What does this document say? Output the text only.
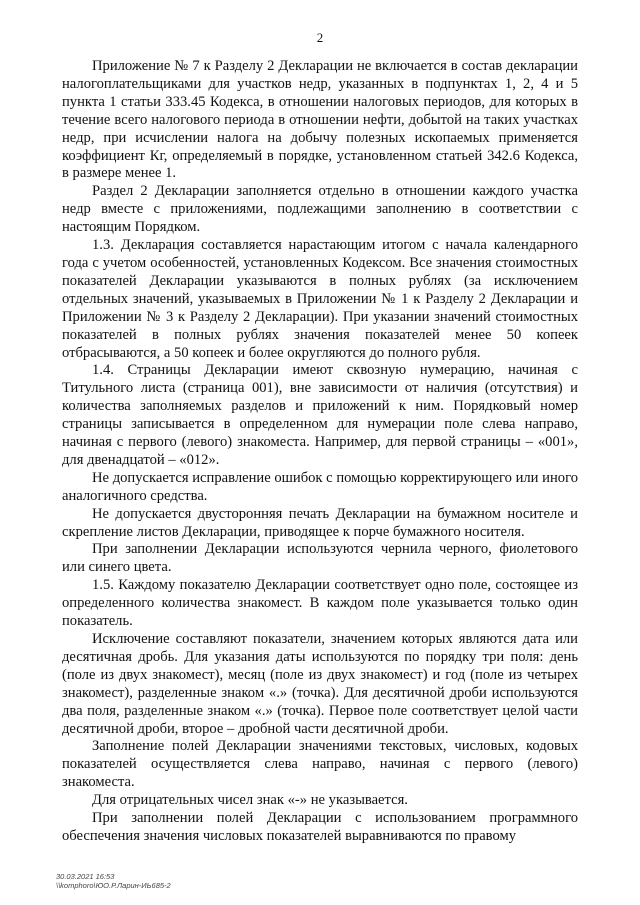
2

Приложение № 7 к Разделу 2 Декларации не включается в состав декларации налогоплательщиками для участков недр, указанных в подпунктах 1, 2, 4 и 5 пункта 1 статьи 333.45 Кодекса, в отношении налоговых периодов, для которых в течение всего налогового периода в отношении нефти, добытой на таких участках недр, при исчислении налога на добычу полезных ископаемых применяется коэффициент Кг, определяемый в порядке, установленном статьей 342.6 Кодекса, в размере менее 1.

Раздел 2 Декларации заполняется отдельно в отношении каждого участка недр вместе с приложениями, подлежащими заполнению в соответствии с настоящим Порядком.

1.3. Декларация составляется нарастающим итогом с начала календарного года с учетом особенностей, установленных Кодексом. Все значения стоимостных показателей Декларации указываются в полных рублях (за исключением отдельных значений, указываемых в Приложении № 1 к Разделу 2 Декларации и Приложении № 3 к Разделу 2 Декларации). При указании значений стоимостных показателей в полных рублях значения показателей менее 50 копеек отбрасываются, а 50 копеек и более округляются до полного рубля.

1.4. Страницы Декларации имеют сквозную нумерацию, начиная с Титульного листа (страница 001), вне зависимости от наличия (отсутствия) и количества заполняемых разделов и приложений к ним. Порядковый номер страницы записывается в определенном для нумерации поле слева направо, начиная с первого (левого) знакоместа. Например, для первой страницы – «001», для двенадцатой – «012».

Не допускается исправление ошибок с помощью корректирующего или иного аналогичного средства.

Не допускается двусторонняя печать Декларации на бумажном носителе и скрепление листов Декларации, приводящее к порче бумажного носителя.

При заполнении Декларации используются чернила черного, фиолетового или синего цвета.

1.5. Каждому показателю Декларации соответствует одно поле, состоящее из определенного количества знакомест. В каждом поле указывается только один показатель.

Исключение составляют показатели, значением которых являются дата или десятичная дробь. Для указания даты используются по порядку три поля: день (поле из двух знакомест), месяц (поле из двух знакомест) и год (поле из четырех знакомест), разделенные знаком «.» (точка). Для десятичной дроби используются два поля, разделенные знаком «.» (точка). Первое поле соответствует целой части десятичной дроби, второе – дробной части десятичной дроби.

Заполнение полей Декларации значениями текстовых, числовых, кодовых показателей осуществляется слева направо, начиная с первого (левого) знакоместа.

Для отрицательных чисел знак «-» не указывается.

При заполнении полей Декларации с использованием программного обеспечения значения числовых показателей выравниваются по правому

30.03.2021 16:53
\\komphoro\ЮО.Р.Ларин-ИЬ685-2
